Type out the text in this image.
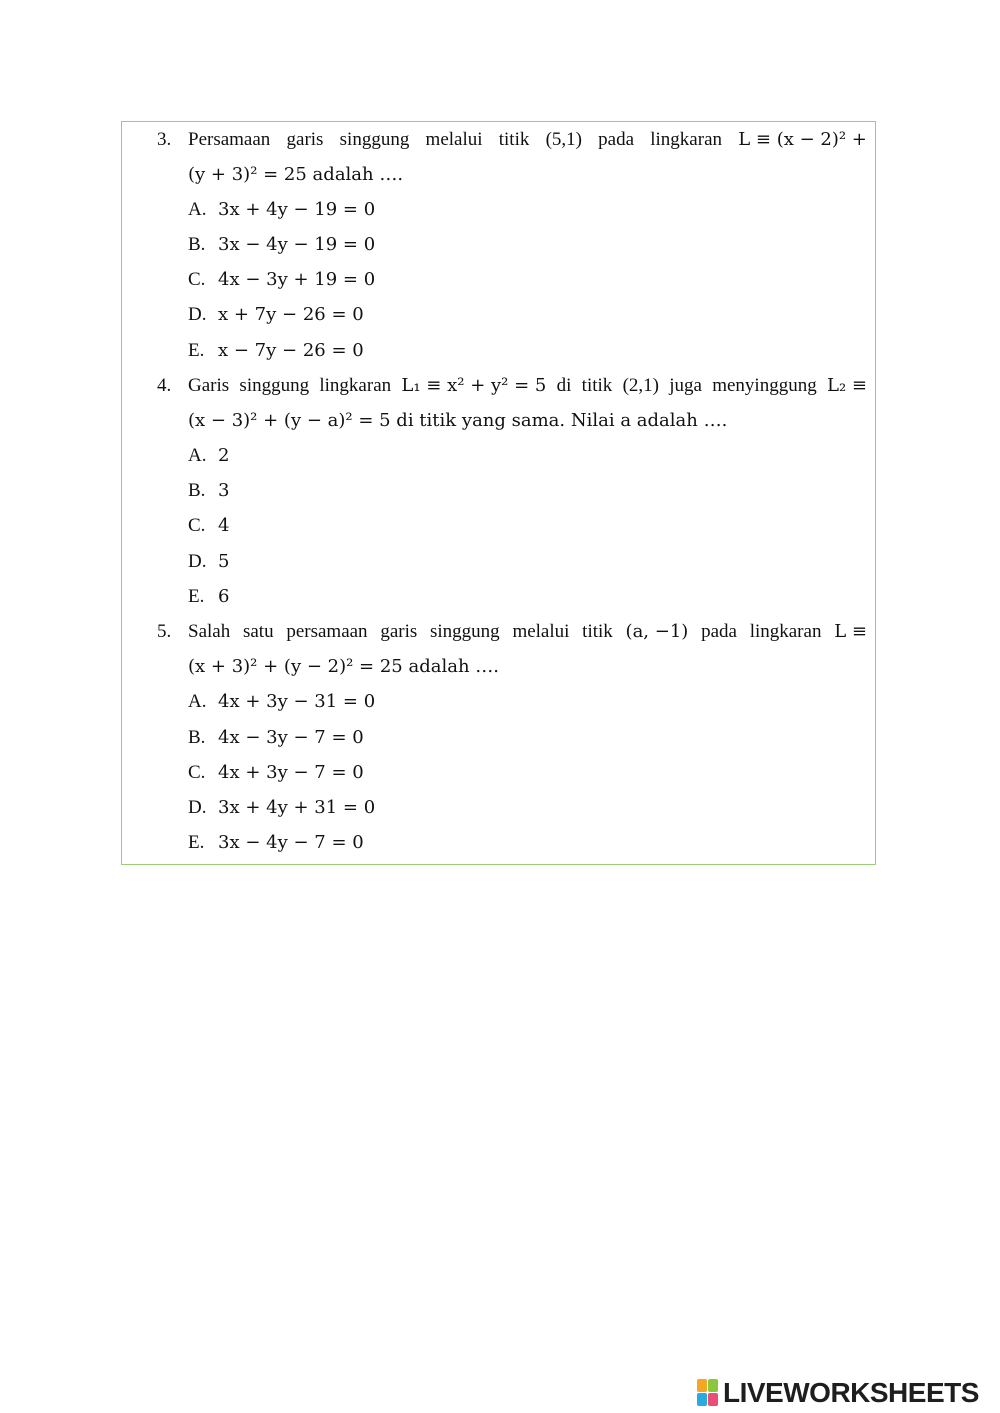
3. Persamaan garis singgung melalui titik (5,1) pada lingkaran L ≡ (x − 2)² +
(y + 3)² = 25 adalah ….
A. 3x + 4y − 19 = 0
B. 3x − 4y − 19 = 0
C. 4x − 3y + 19 = 0
D. x + 7y − 26 = 0
E. x − 7y − 26 = 0
4. Garis singgung lingkaran L₁ ≡ x² + y² = 5 di titik (2,1) juga menyinggung L₂ ≡
(x − 3)² + (y − a)² = 5 di titik yang sama. Nilai a adalah ….
A. 2
B. 3
C. 4
D. 5
E. 6
5. Salah satu persamaan garis singgung melalui titik (a, −1) pada lingkaran L ≡
(x + 3)² + (y − 2)² = 25 adalah ….
A. 4x + 3y − 31 = 0
B. 4x − 3y − 7 = 0
C. 4x + 3y − 7 = 0
D. 3x + 4y + 31 = 0
E. 3x − 4y − 7 = 0
LIVEWORKSHEETS
